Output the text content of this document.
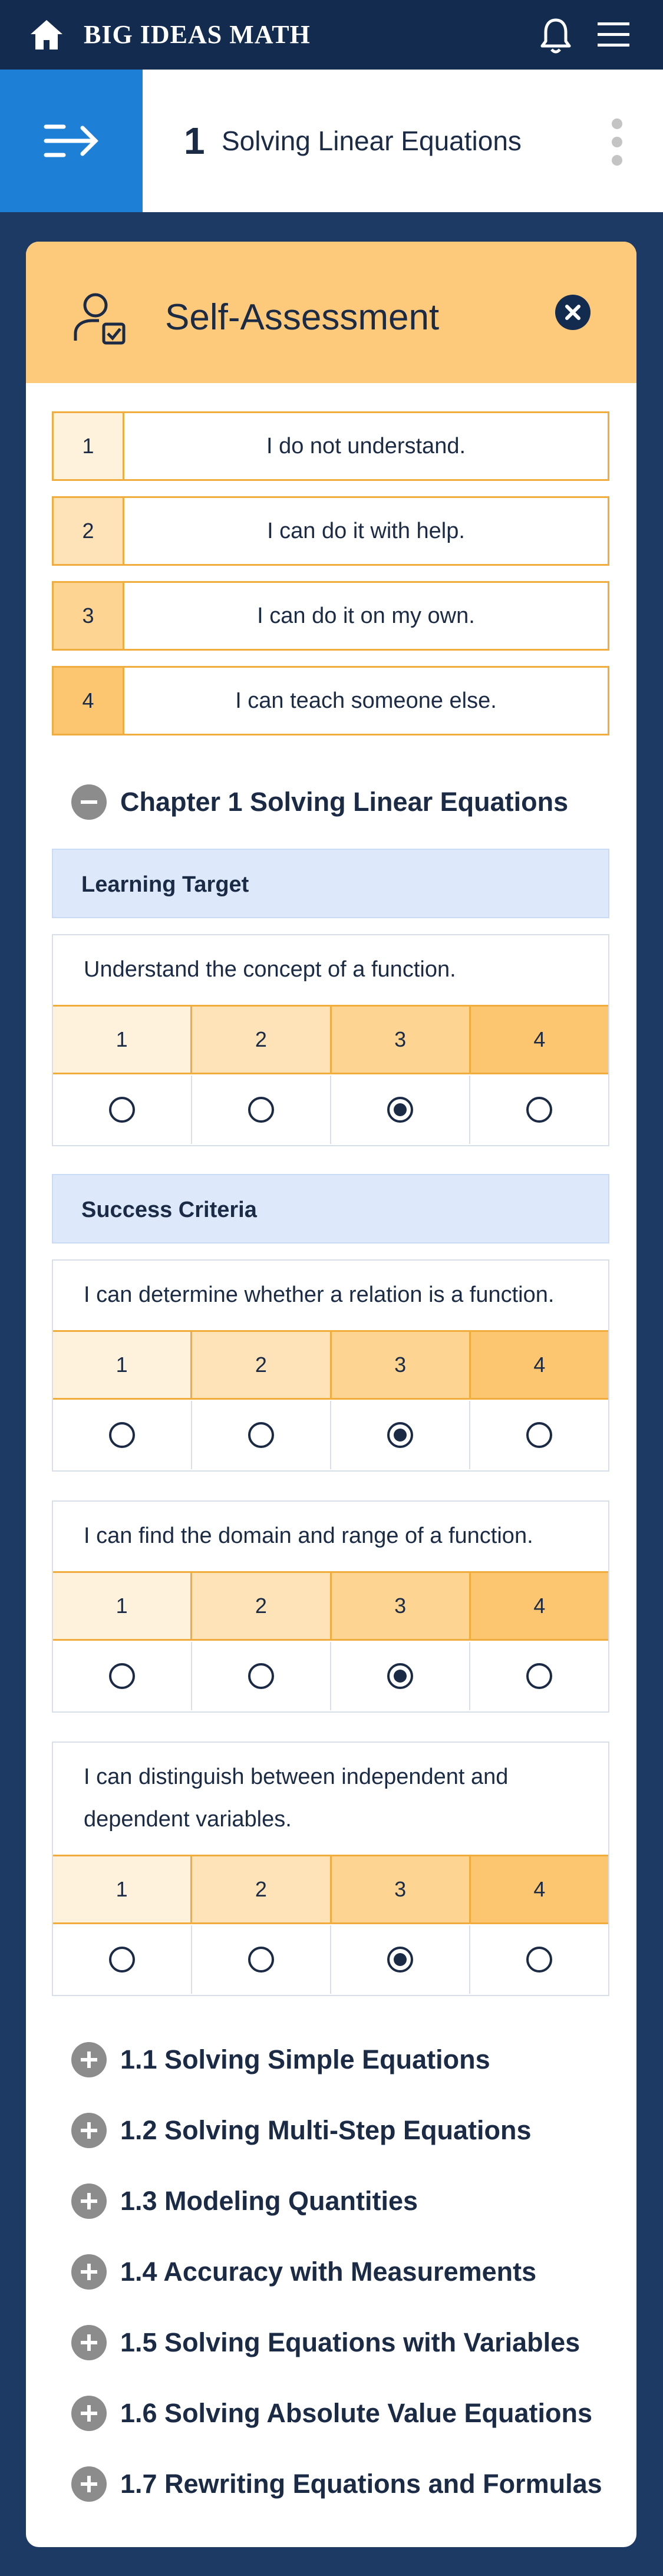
BIG IDEAS MATH
1 Solving Linear Equations
Self-Assessment
1	I do not understand.
2	I can do it with help.
3	I can do it on my own.
4	I can teach someone else.
Chapter 1 Solving Linear Equations
Learning Target
Understand the concept of a function.
1	2	3	4
Success Criteria
I can determine whether a relation is a function.
1	2	3	4
I can find the domain and range of a function.
1	2	3	4
I can distinguish between independent and dependent variables.
1	2	3	4
1.1 Solving Simple Equations
1.2 Solving Multi-Step Equations
1.3 Modeling Quantities
1.4 Accuracy with Measurements
1.5 Solving Equations with Variables
1.6 Solving Absolute Value Equations
1.7 Rewriting Equations and Formulas
